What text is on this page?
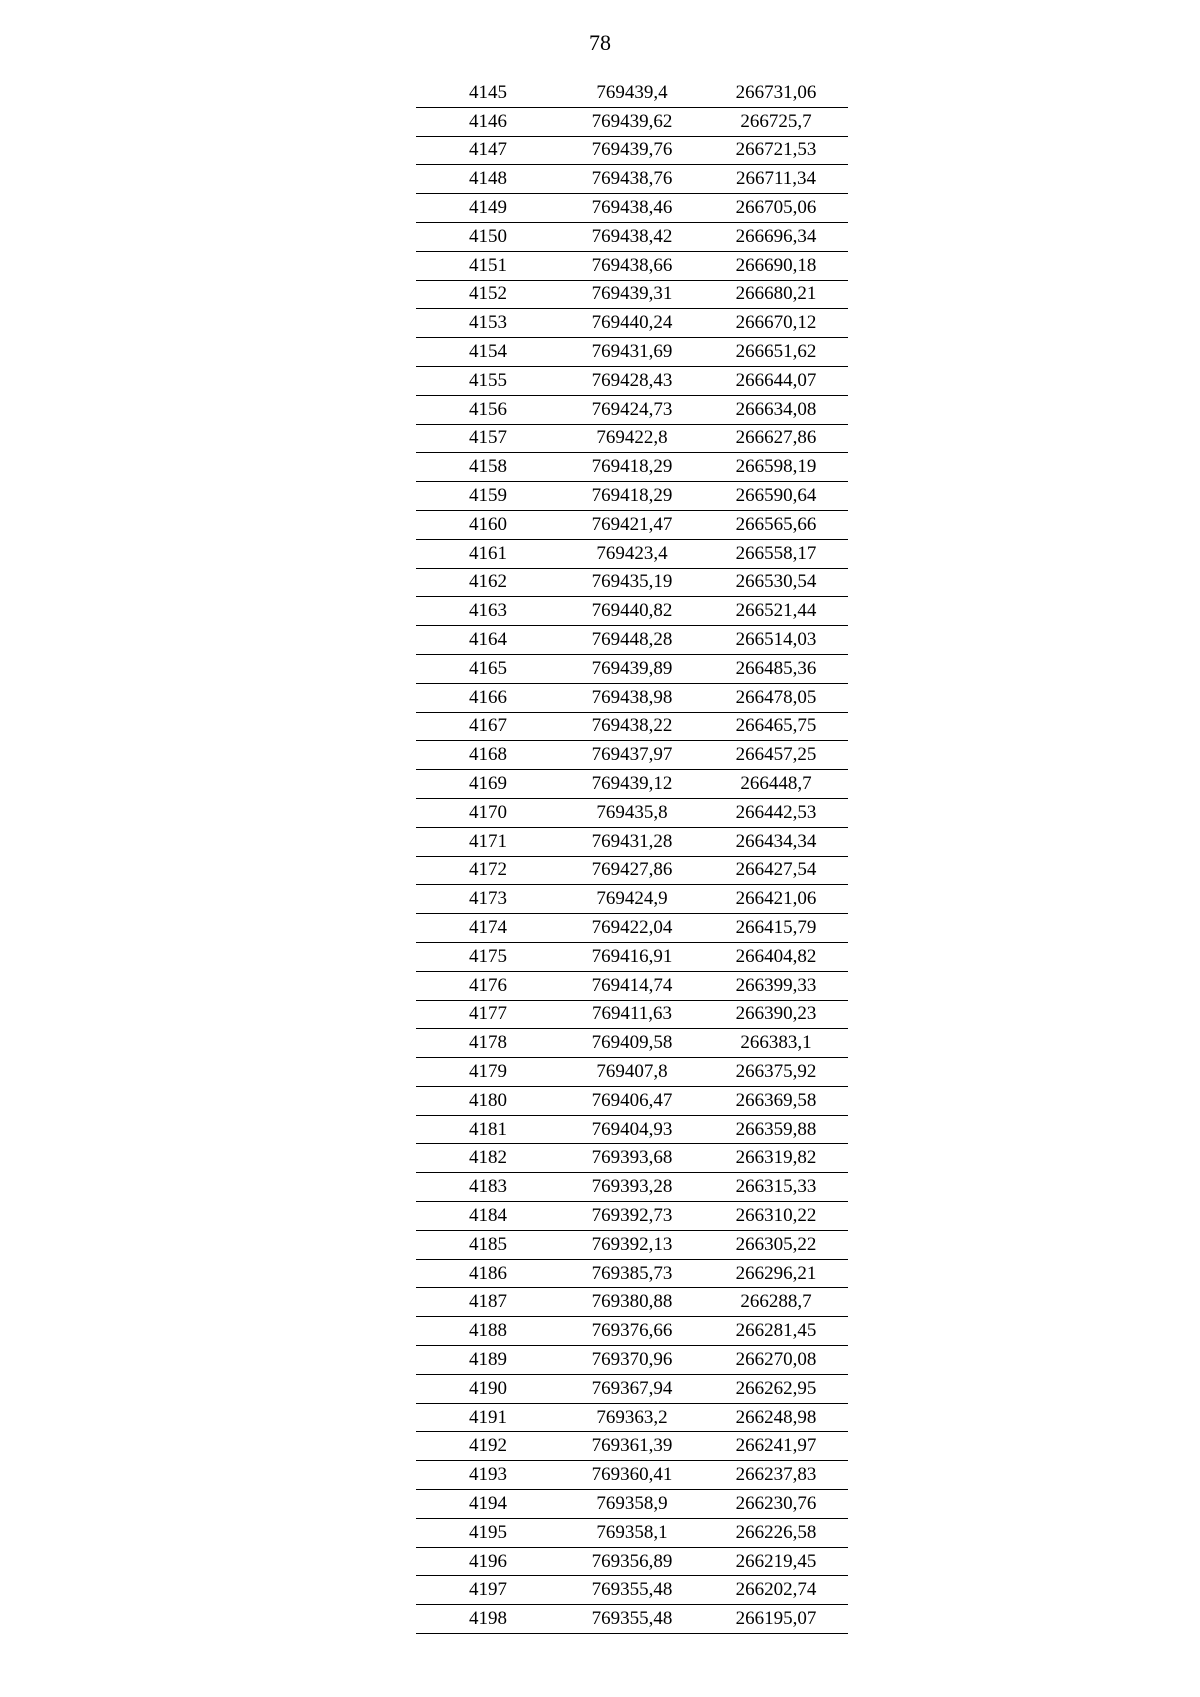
78
4145	769439,4	266731,06
4146	769439,62	266725,7
4147	769439,76	266721,53
4148	769438,76	266711,34
4149	769438,46	266705,06
4150	769438,42	266696,34
4151	769438,66	266690,18
4152	769439,31	266680,21
4153	769440,24	266670,12
4154	769431,69	266651,62
4155	769428,43	266644,07
4156	769424,73	266634,08
4157	769422,8	266627,86
4158	769418,29	266598,19
4159	769418,29	266590,64
4160	769421,47	266565,66
4161	769423,4	266558,17
4162	769435,19	266530,54
4163	769440,82	266521,44
4164	769448,28	266514,03
4165	769439,89	266485,36
4166	769438,98	266478,05
4167	769438,22	266465,75
4168	769437,97	266457,25
4169	769439,12	266448,7
4170	769435,8	266442,53
4171	769431,28	266434,34
4172	769427,86	266427,54
4173	769424,9	266421,06
4174	769422,04	266415,79
4175	769416,91	266404,82
4176	769414,74	266399,33
4177	769411,63	266390,23
4178	769409,58	266383,1
4179	769407,8	266375,92
4180	769406,47	266369,58
4181	769404,93	266359,88
4182	769393,68	266319,82
4183	769393,28	266315,33
4184	769392,73	266310,22
4185	769392,13	266305,22
4186	769385,73	266296,21
4187	769380,88	266288,7
4188	769376,66	266281,45
4189	769370,96	266270,08
4190	769367,94	266262,95
4191	769363,2	266248,98
4192	769361,39	266241,97
4193	769360,41	266237,83
4194	769358,9	266230,76
4195	769358,1	266226,58
4196	769356,89	266219,45
4197	769355,48	266202,74
4198	769355,48	266195,07
